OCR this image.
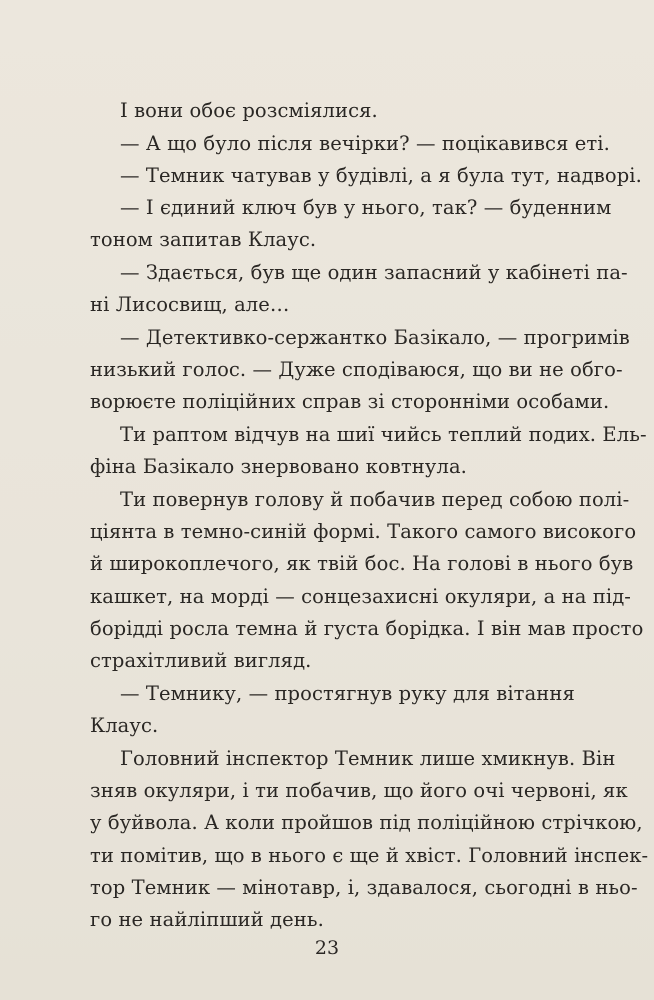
І вони обоє розсміялися.
— А що було після вечірки? — поцікавився еті.
— Темник чатував у будівлі, а я була тут, надворі.
— І єдиний ключ був у нього, так? — буденним
тоном запитав Клаус.
— Здається, був ще один запасний у кабінеті па-
ні Лисосвищ, але…
— Детективко-сержантко Базікало, — прогримів
низький голос. — Дуже сподіваюся, що ви не обго-
ворюєте поліційних справ зі сторонніми особами.
Ти раптом відчув на шиї чийсь теплий подих. Ель-
фіна Базікало знервовано ковтнула.
Ти повернув голову й побачив перед собою полі-
ціянта в темно-синій формі. Такого самого високого
й широкоплечого, як твій бос. На голові в нього був
кашкет, на морді — сонцезахисні окуляри, а на під-
борідді росла темна й густа борідка. І він мав просто
страхітливий вигляд.
— Темнику, — простягнув руку для вітання
Клаус.
Головний інспектор Темник лише хмикнув. Він
зняв окуляри, і ти побачив, що його очі червоні, як
у буйвола. А коли пройшов під поліційною стрічкою,
ти помітив, що в нього є ще й хвіст. Головний інспек-
тор Темник — мінотавр, і, здавалося, сьогодні в ньо-
го не найліпший день.
23
